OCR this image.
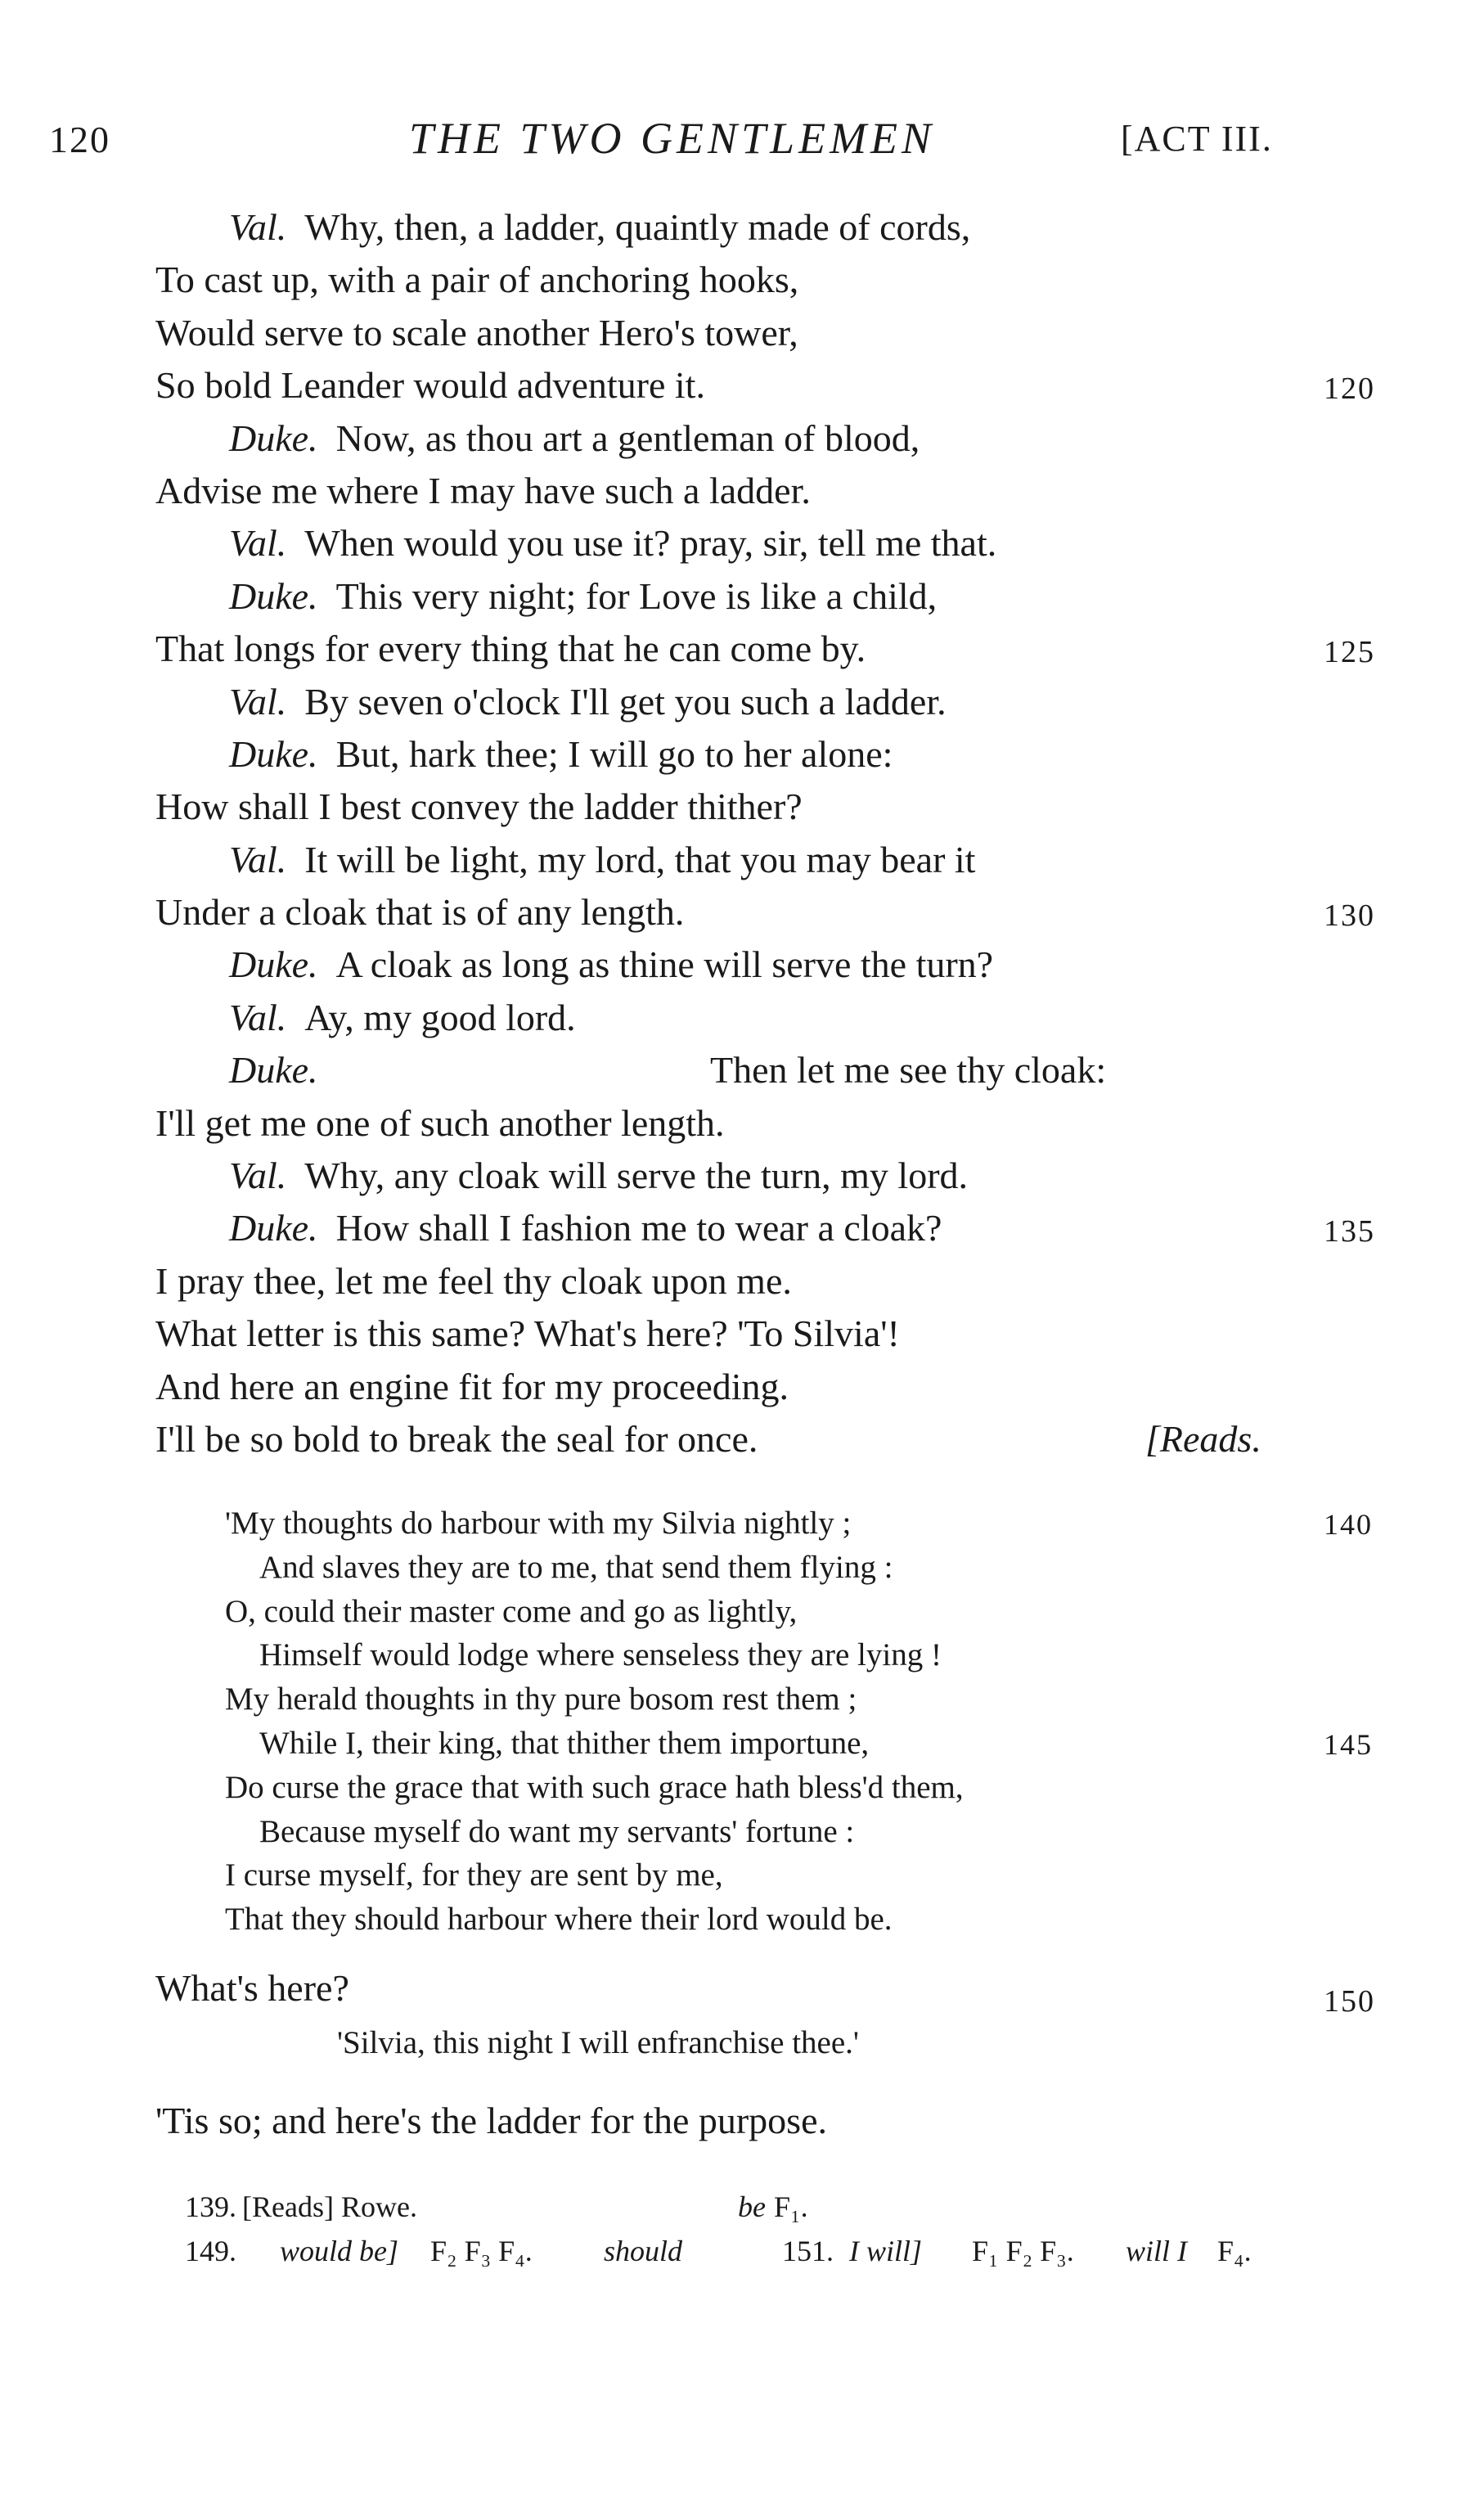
120	THE TWO GENTLEMEN	[ACT III.
Val. Why, then, a ladder, quaintly made of cords,
To cast up, with a pair of anchoring hooks,
Would serve to scale another Hero's tower,
So bold Leander would adventure it.	120
Duke. Now, as thou art a gentleman of blood,
Advise me where I may have such a ladder.
Val. When would you use it? pray, sir, tell me that.
Duke. This very night; for Love is like a child,
That longs for every thing that he can come by.	125
Val. By seven o'clock I'll get you such a ladder.
Duke. But, hark thee; I will go to her alone:
How shall I best convey the ladder thither?
Val. It will be light, my lord, that you may bear it
Under a cloak that is of any length.	130
Duke. A cloak as long as thine will serve the turn?
Val. Ay, my good lord.
Duke.	Then let me see thy cloak:
I'll get me one of such another length.
Val. Why, any cloak will serve the turn, my lord.
Duke. How shall I fashion me to wear a cloak?	135
I pray thee, let me feel thy cloak upon me.
What letter is this same? What's here? 'To Silvia'!
And here an engine fit for my proceeding.
I'll be so bold to break the seal for once.	[Reads.
'My thoughts do harbour with my Silvia nightly ;	140
And slaves they are to me, that send them flying :
O, could their master come and go as lightly,
Himself would lodge where senseless they are lying !
My herald thoughts in thy pure bosom rest them ;
While I, their king, that thither them importune,	145
Do curse the grace that with such grace hath bless'd them,
Because myself do want my servants' fortune :
I curse myself, for they are sent by me,
That they should harbour where their lord would be.
What's here?	150
'Silvia, this night I will enfranchise thee.'
'Tis so; and here's the ladder for the purpose.
139. [Reads] Rowe.	be F₁.
149. would be] F₂ F₃ F₄. should	151. I will] F₁ F₂ F₃. will I F₄.
